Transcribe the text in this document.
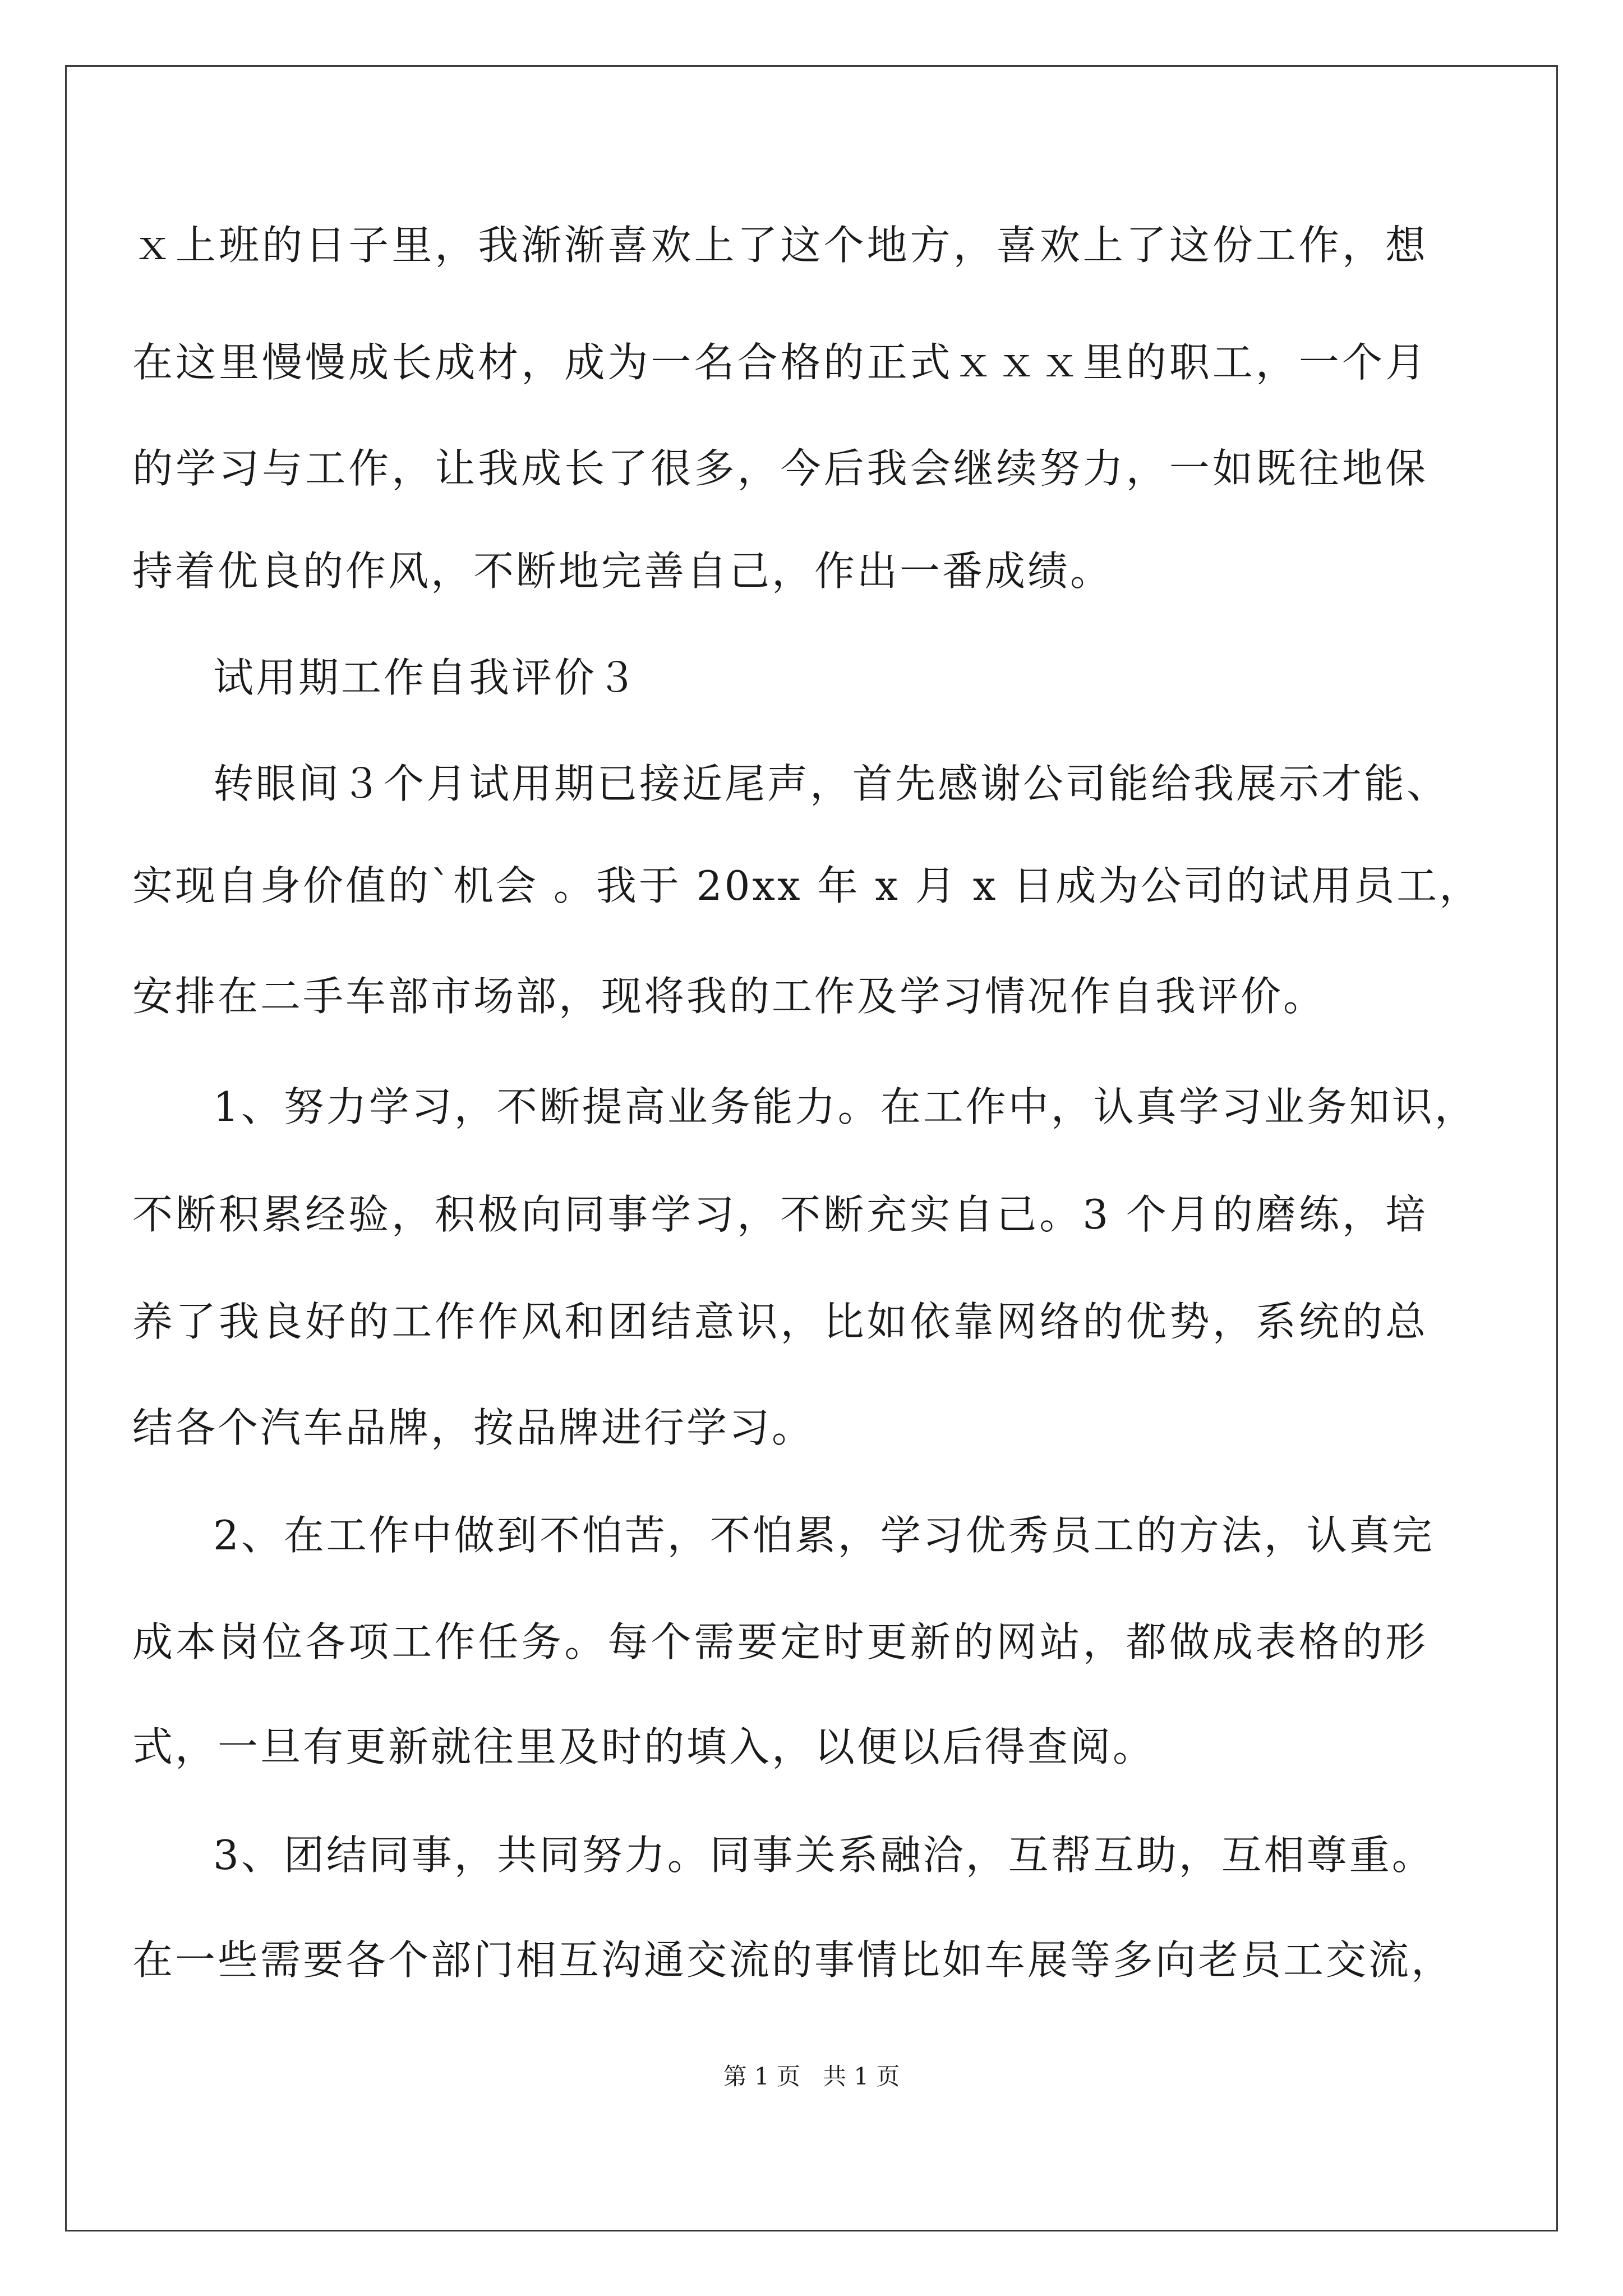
ｘ上班的日子里，我渐渐喜欢上了这个地方，喜欢上了这份工作，想
在这里慢慢成长成材，成为一名合格的正式ｘｘｘ里的职工，一个月
的学习与工作，让我成长了很多，今后我会继续努力，一如既往地保
持着优良的作风，不断地完善自己，作出一番成绩。
试用期工作自我评价３
转眼间３个月试用期已接近尾声，首先感谢公司能给我展示才能、
实现自身价值的`机会 。我于 20xx 年 x 月 x 日成为公司的试用员工，
安排在二手车部市场部，现将我的工作及学习情况作自我评价。
1、努力学习，不断提高业务能力。在工作中，认真学习业务知识，
不断积累经验，积极向同事学习，不断充实自己。3 个月的磨练，培
养了我良好的工作作风和团结意识，比如依靠网络的优势，系统的总
结各个汽车品牌，按品牌进行学习。
2、在工作中做到不怕苦，不怕累，学习优秀员工的方法，认真完
成本岗位各项工作任务。每个需要定时更新的网站，都做成表格的形
式，一旦有更新就往里及时的填入，以便以后得查阅。
3、团结同事，共同努力。同事关系融洽，互帮互助，互相尊重。
在一些需要各个部门相互沟通交流的事情比如车展等多向老员工交流，
第 1 页 共 1 页
